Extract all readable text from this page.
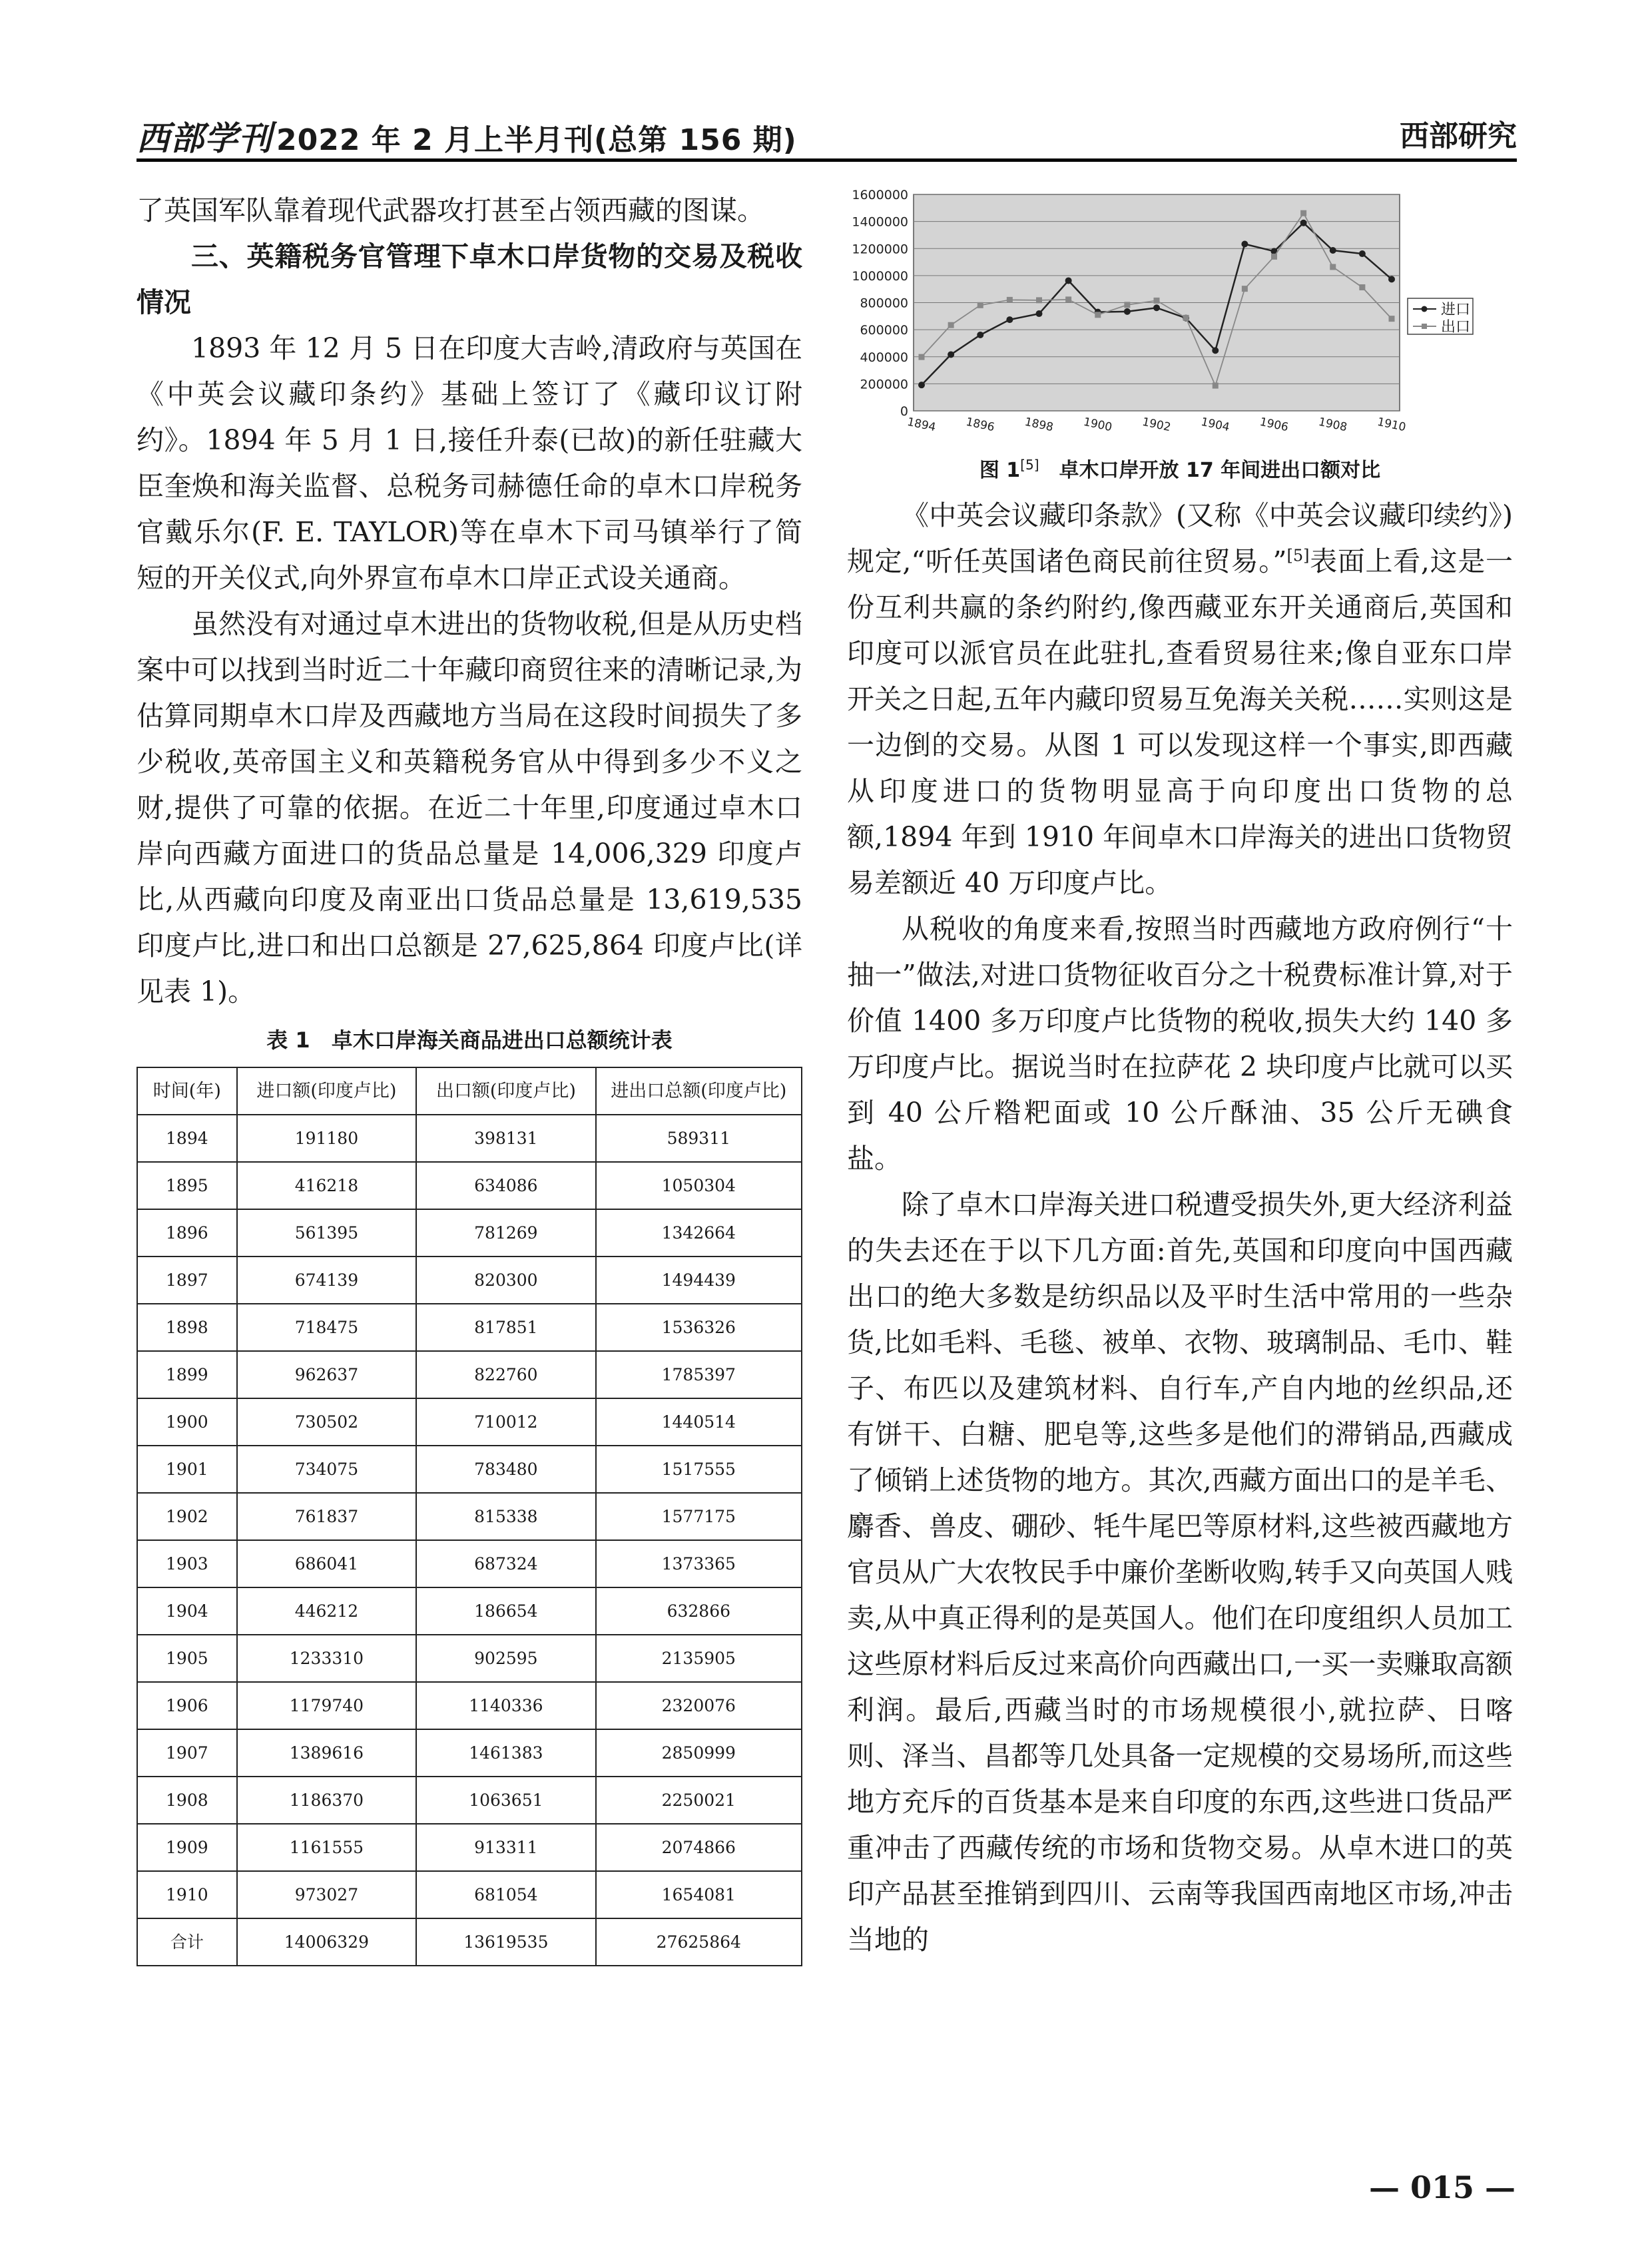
西部学刊 2022 年 2 月上半月刊(总第 156 期)	西部研究

了英国军队靠着现代武器攻打甚至占领西藏的图谋。

三、英籍税务官管理下卓木口岸货物的交易及税收情况

1893 年 12 月 5 日在印度大吉岭,清政府与英国在《中英会议藏印条约》基础上签订了《藏印议订附约》。1894 年 5 月 1 日,接任升泰(已故)的新任驻藏大臣奎焕和海关监督、总税务司赫德任命的卓木口岸税务官戴乐尔(F. E. TAYLOR)等在卓木下司马镇举行了简短的开关仪式,向外界宣布卓木口岸正式设关通商。

虽然没有对通过卓木进出的货物收税,但是从历史档案中可以找到当时近二十年藏印商贸往来的清晰记录,为估算同期卓木口岸及西藏地方当局在这段时间损失了多少税收,英帝国主义和英籍税务官从中得到多少不义之财,提供了可靠的依据。在近二十年里,印度通过卓木口岸向西藏方面进口的货品总量是 14,006,329 印度卢比,从西藏向印度及南亚出口货品总量是 13,619,535 印度卢比,进口和出口总额是 27,625,864 印度卢比(详见表 1)。

表 1　卓木口岸海关商品进出口总额统计表
时间(年)	进口额(印度卢比)	出口额(印度卢比)	进出口总额(印度卢比)
1894	191180	398131	589311
1895	416218	634086	1050304
1896	561395	781269	1342664
1897	674139	820300	1494439
1898	718475	817851	1536326
1899	962637	822760	1785397
1900	730502	710012	1440514
1901	734075	783480	1517555
1902	761837	815338	1577175
1903	686041	687324	1373365
1904	446212	186654	632866
1905	1233310	902595	2135905
1906	1179740	1140336	2320076
1907	1389616	1461383	2850999
1908	1186370	1063651	2250021
1909	1161555	913311	2074866
1910	973027	681054	1654081
合计	14006329	13619535	27625864
0
200000
400000
600000
800000
1000000
1200000
1400000
1600000
1894 1896 1898 1900 1902 1904 1906 1908 1910
进口
出口
图 1[5]　卓木口岸开放 17 年间进出口额对比

《中英会议藏印条款》(又称《中英会议藏印续约》)规定,“听任英国诸色商民前往贸易。”[5]表面上看,这是一份互利共赢的条约附约,像西藏亚东开关通商后,英国和印度可以派官员在此驻扎,查看贸易往来;像自亚东口岸开关之日起,五年内藏印贸易互免海关关税……实则这是一边倒的交易。从图 1 可以发现这样一个事实,即西藏从印度进口的货物明显高于向印度出口货物的总额,1894 年到 1910 年间卓木口岸海关的进出口货物贸易差额近 40 万印度卢比。

从税收的角度来看,按照当时西藏地方政府例行“十抽一”做法,对进口货物征收百分之十税费标准计算,对于价值 1400 多万印度卢比货物的税收,损失大约 140 多万印度卢比。据说当时在拉萨花 2 块印度卢比就可以买到 40 公斤糌粑面或 10 公斤酥油、35 公斤无碘食盐。

除了卓木口岸海关进口税遭受损失外,更大经济利益的失去还在于以下几方面:首先,英国和印度向中国西藏出口的绝大多数是纺织品以及平时生活中常用的一些杂货,比如毛料、毛毯、被单、衣物、玻璃制品、毛巾、鞋子、布匹以及建筑材料、自行车,产自内地的丝织品,还有饼干、白糖、肥皂等,这些多是他们的滞销品,西藏成了倾销上述货物的地方。其次,西藏方面出口的是羊毛、麝香、兽皮、硼砂、牦牛尾巴等原材料,这些被西藏地方官员从广大农牧民手中廉价垄断收购,转手又向英国人贱卖,从中真正得利的是英国人。他们在印度组织人员加工这些原材料后反过来高价向西藏出口,一买一卖赚取高额利润。最后,西藏当时的市场规模很小,就拉萨、日喀则、泽当、昌都等几处具备一定规模的交易场所,而这些地方充斥的百货基本是来自印度的东西,这些进口货品严重冲击了西藏传统的市场和货物交易。从卓木进口的英印产品甚至推销到四川、云南等我国西南地区市场,冲击当地的

— 015 —
